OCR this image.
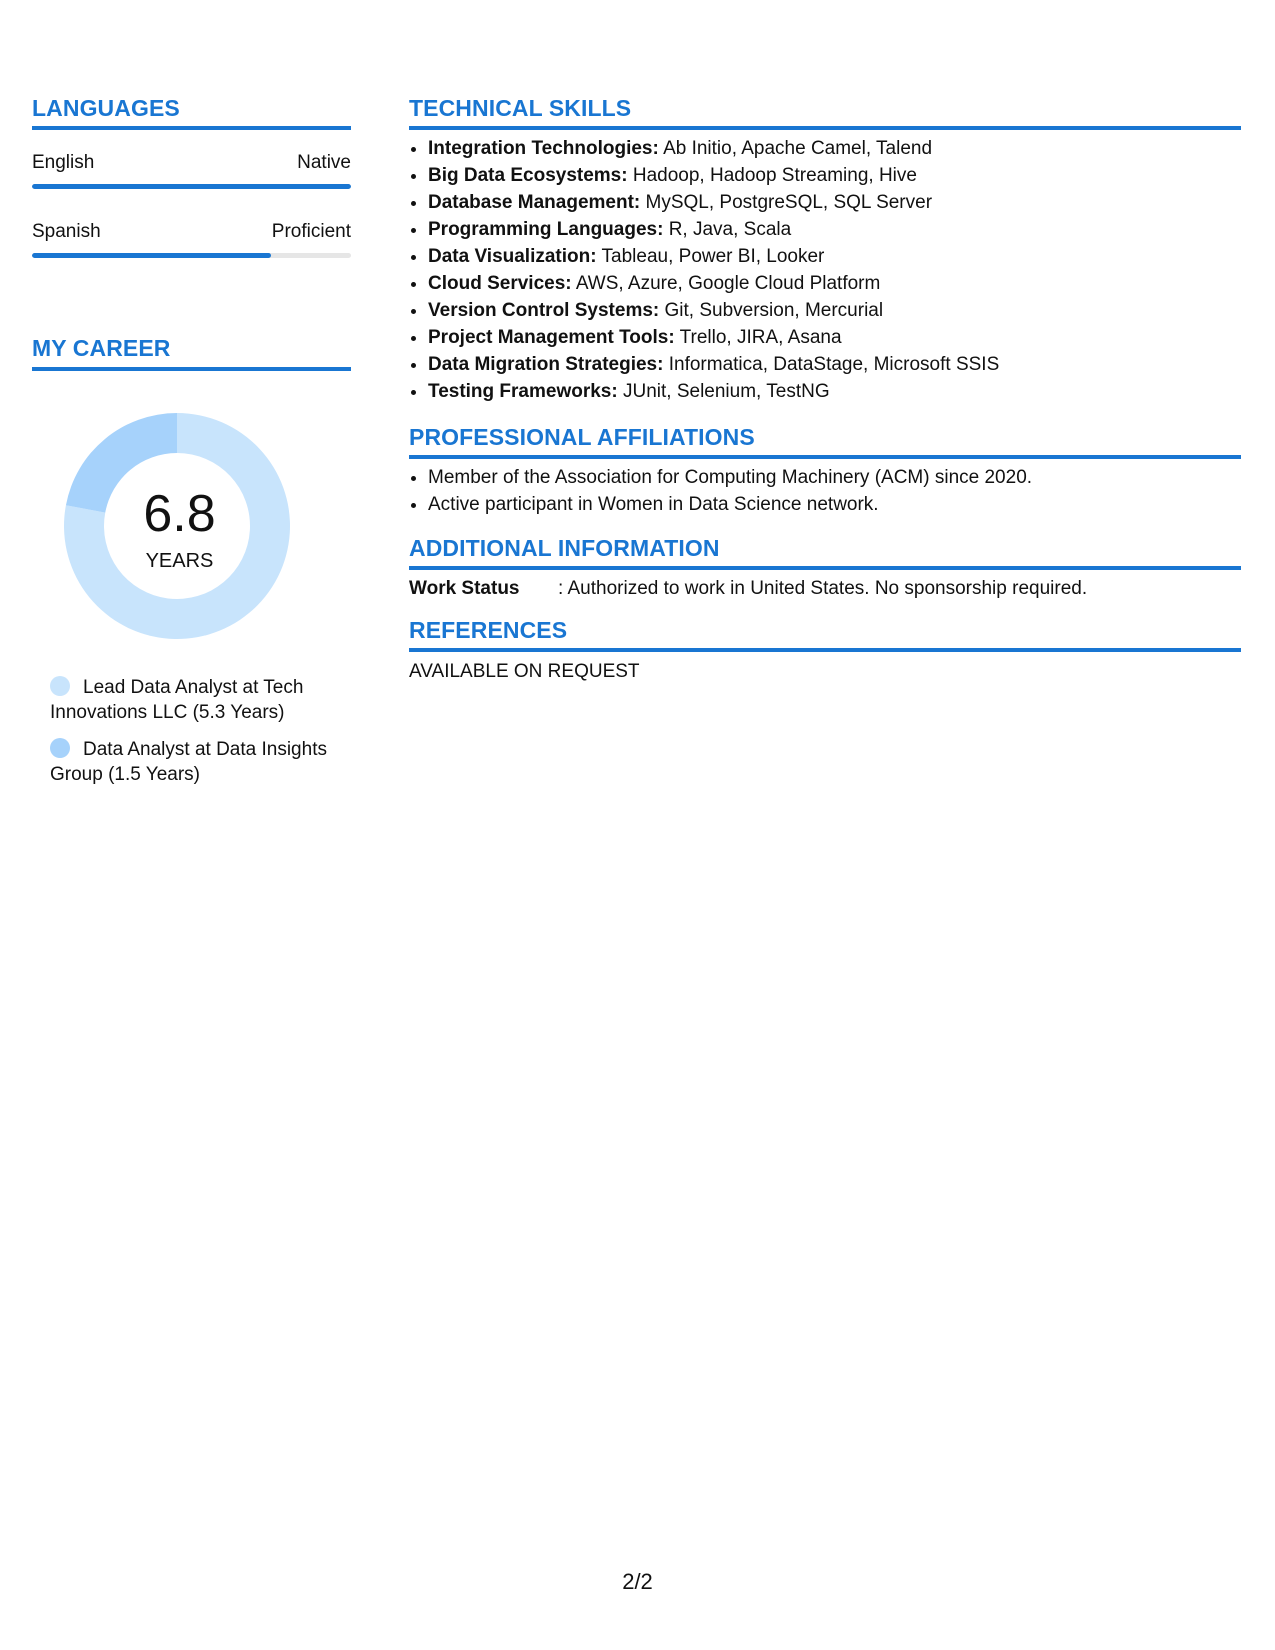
LANGUAGES
English	Native
Spanish	Proficient
MY CAREER
6.8
YEARS
Lead Data Analyst at Tech Innovations LLC (5.3 Years)
Data Analyst at Data Insights Group (1.5 Years)
TECHNICAL SKILLS
• Integration Technologies: Ab Initio, Apache Camel, Talend
• Big Data Ecosystems: Hadoop, Hadoop Streaming, Hive
• Database Management: MySQL, PostgreSQL, SQL Server
• Programming Languages: R, Java, Scala
• Data Visualization: Tableau, Power BI, Looker
• Cloud Services: AWS, Azure, Google Cloud Platform
• Version Control Systems: Git, Subversion, Mercurial
• Project Management Tools: Trello, JIRA, Asana
• Data Migration Strategies: Informatica, DataStage, Microsoft SSIS
• Testing Frameworks: JUnit, Selenium, TestNG
PROFESSIONAL AFFILIATIONS
• Member of the Association for Computing Machinery (ACM) since 2020.
• Active participant in Women in Data Science network.
ADDITIONAL INFORMATION
Work Status : Authorized to work in United States. No sponsorship required.
REFERENCES
AVAILABLE ON REQUEST
2/2
